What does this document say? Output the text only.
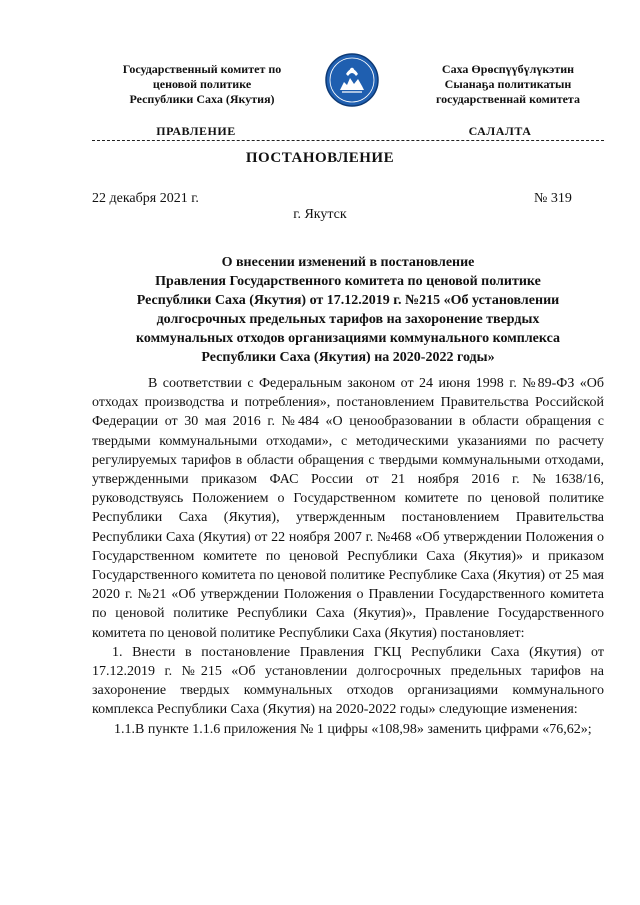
Государственный комитет по
ценовой политике
Республики Саха (Якутия)
Саха Өрөспүүбүлүкэтин
Сыанаҕа политикатын
государственнай комитета
ПРАВЛЕНИЕ	САЛАЛТА
ПОСТАНОВЛЕНИЕ
22 декабря 2021 г.	№ 319
г. Якутск
О внесении изменений в постановление
Правления Государственного комитета по ценовой политике
Республики Саха (Якутия) от 17.12.2019 г. №215 «Об установлении
долгосрочных предельных тарифов на захоронение твердых
коммунальных отходов организациями коммунального комплекса
Республики Саха (Якутия) на 2020-2022 годы»

В соответствии с Федеральным законом от 24 июня 1998 г. №89-ФЗ «Об отходах производства и потребления», постановлением Правительства Российской Федерации от 30 мая 2016 г. №484 «О ценообразовании в области обращения с твердыми коммунальными отходами», с методическими указаниями по расчету регулируемых тарифов в области обращения с твердыми коммунальными отходами, утвержденными приказом ФАС России от 21 ноября 2016 г. №1638/16, руководствуясь Положением о Государственном комитете по ценовой политике Республики Саха (Якутия), утвержденным постановлением Правительства Республики Саха (Якутия) от 22 ноября 2007 г. №468 «Об утверждении Положения о Государственном комитете по ценовой Республики Саха (Якутия)» и приказом Государственного комитета по ценовой политике Республике Саха (Якутия) от 25 мая 2020 г. №21 «Об утверждении Положения о Правлении Государственного комитета по ценовой политике Республики Саха (Якутия)», Правление Государственного комитета по ценовой политике Республики Саха (Якутия) постановляет:

1. Внести в постановление Правления ГКЦ Республики Саха (Якутия) от 17.12.2019 г. №215 «Об установлении долгосрочных предельных тарифов на захоронение твердых коммунальных отходов организациями коммунального комплекса Республики Саха (Якутия) на 2020-2022 годы» следующие изменения:

1.1.В пункте 1.1.6 приложения № 1 цифры «108,98» заменить цифрами «76,62»;
